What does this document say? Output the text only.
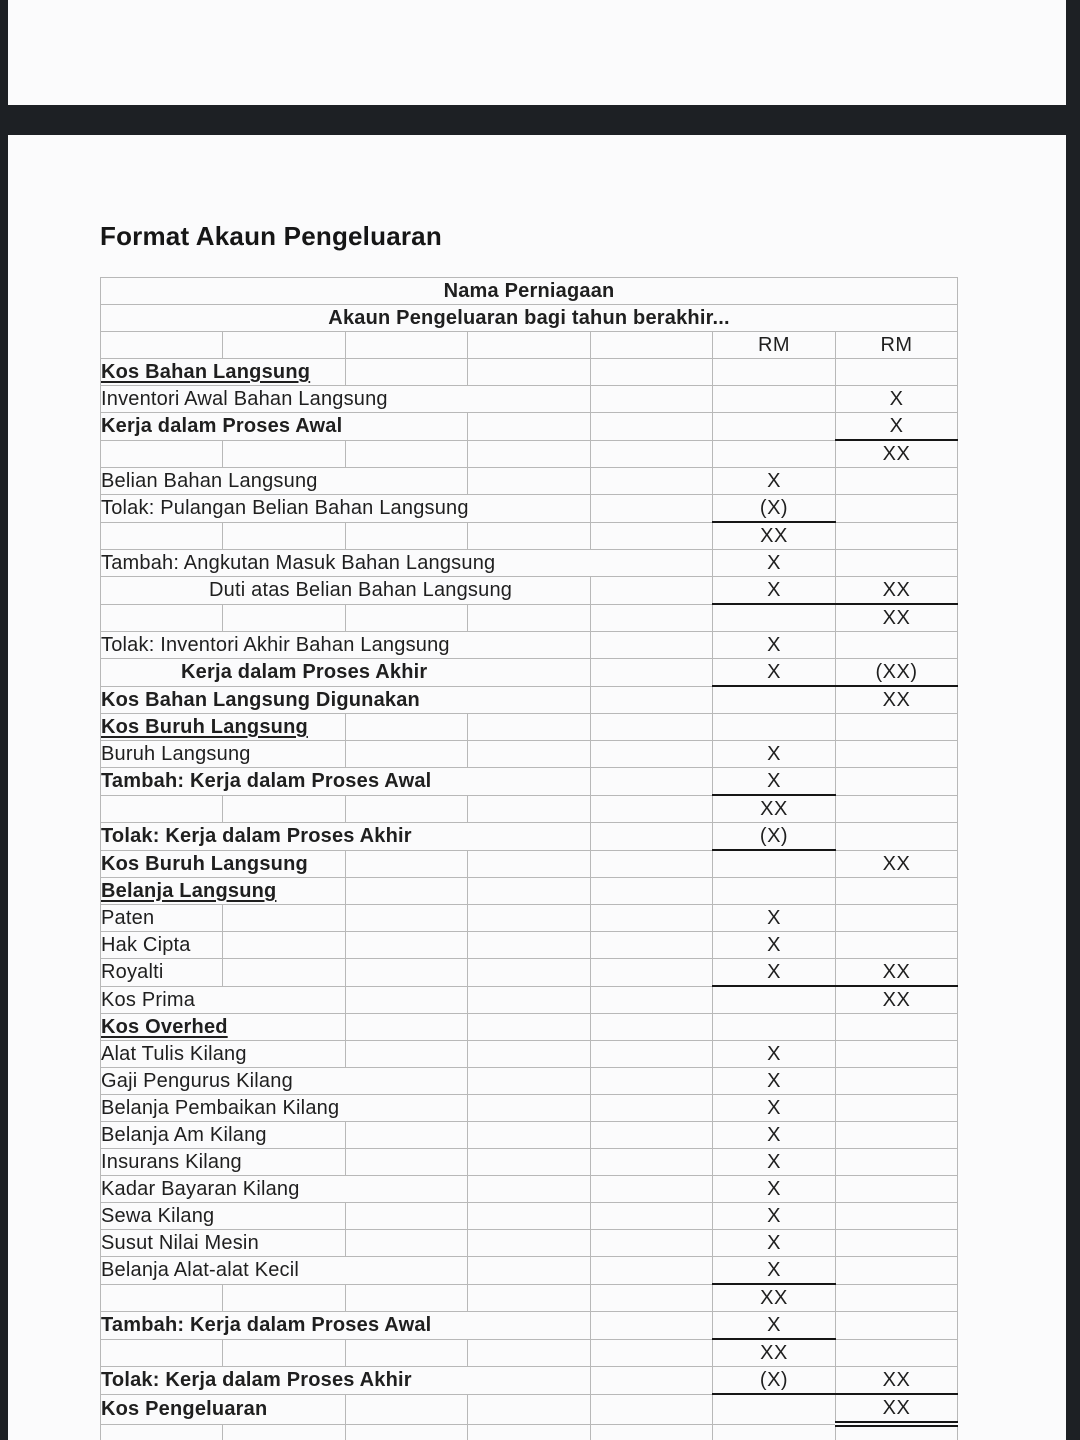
Format Akaun Pengeluaran
Nama Perniagaan						
Akaun Pengeluaran bagi tahun berakhir...						
					RM	RM
Kos Bahan Langsung						
Inventori Awal Bahan Langsung						X
Kerja dalam Proses Awal						X
						XX
Belian Bahan Langsung					X	
Tolak: Pulangan Belian Bahan Langsung					(X)	
					XX	
Tambah: Angkutan Masuk Bahan Langsung					X	
Duti atas Belian Bahan Langsung					X	XX
						XX
Tolak: Inventori Akhir Bahan Langsung					X	
Kerja dalam Proses Akhir					X	(XX)
Kos Bahan Langsung Digunakan						XX
Kos Buruh Langsung						
Buruh Langsung					X	
Tambah: Kerja dalam Proses Awal					X	
					XX	
Tolak: Kerja dalam Proses Akhir					(X)	
Kos Buruh Langsung						XX
Belanja Langsung						
Paten					X	
Hak Cipta					X	
Royalti					X	XX
Kos Prima						XX
Kos Overhed						
Alat Tulis Kilang					X	
Gaji Pengurus Kilang					X	
Belanja Pembaikan Kilang					X	
Belanja Am Kilang					X	
Insurans Kilang					X	
Kadar Bayaran Kilang					X	
Sewa Kilang					X	
Susut Nilai Mesin					X	
Belanja Alat-alat Kecil					X	
					XX	
Tambah: Kerja dalam Proses Awal					X	
					XX	
Tolak: Kerja dalam Proses Akhir					(X)	XX
Kos Pengeluaran						XX
